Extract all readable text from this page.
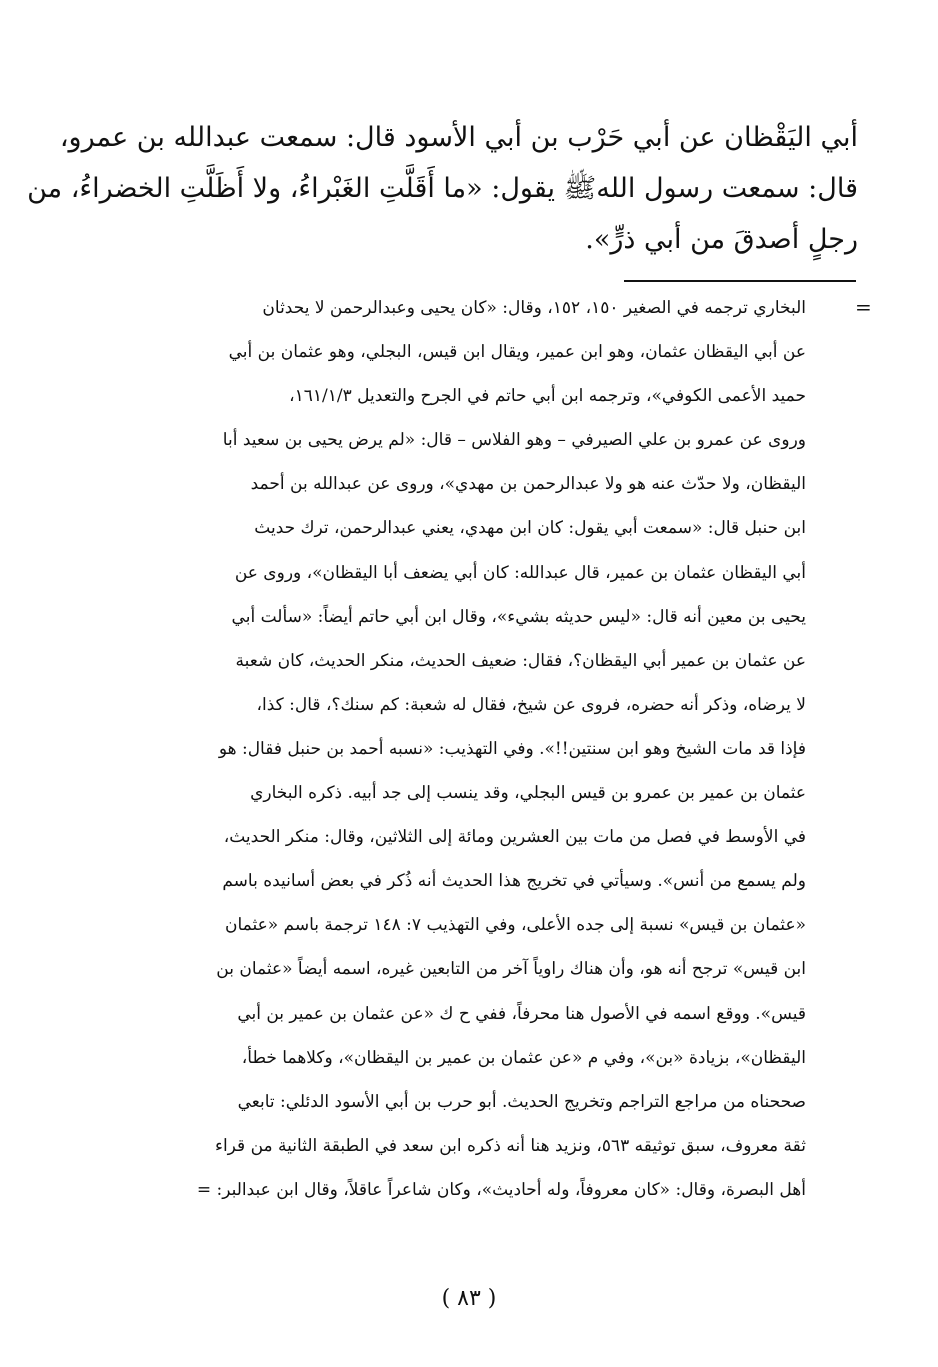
أبي اليَقْظان عن أبي حَرْب بن أبي الأسود قال: سمعت عبدالله بن عمرو،
قال: سمعت رسول اللهﷺ يقول: «ما أَقَلَّتِ الغَبْراءُ، ولا أَظَلَّتِ الخضراءُ، من
رجلٍ أصدقَ من أبي ذرٍّ».
=
البخاري ترجمه في الصغير ١٥٠، ١٥٢، وقال: «كان يحيى وعبدالرحمن لا يحدثان
عن أبي اليقظان عثمان، وهو ابن عمير، ويقال ابن قيس، البجلي، وهو عثمان بن أبي
حميد الأعمى الكوفي»، وترجمه ابن أبي حاتم في الجرح والتعديل ١٦١/١/٣،
وروى عن عمرو بن علي الصيرفي – وهو الفلاس – قال: «لم يرض يحيى بن سعيد أبا
اليقظان، ولا حدّث عنه هو ولا عبدالرحمن بن مهدي»، وروى عن عبدالله بن أحمد
ابن حنبل قال: «سمعت أبي يقول: كان ابن مهدي، يعني عبدالرحمن، ترك حديث
أبي اليقظان عثمان بن عمير، قال عبدالله: كان أبي يضعف أبا اليقظان»، وروى عن
يحيى بن معين أنه قال: «ليس حديثه بشيء»، وقال ابن أبي حاتم أيضاً: «سألت أبي
عن عثمان بن عمير أبي اليقظان؟، فقال: ضعيف الحديث، منكر الحديث، كان شعبة
لا يرضاه، وذكر أنه حضره، فروى عن شيخ، فقال له شعبة: كم سنك؟، قال: كذا،
فإذا قد مات الشيخ وهو ابن سنتين!!». وفي التهذيب: «نسبه أحمد بن حنبل فقال: هو
عثمان بن عمير بن عمرو بن قيس البجلي، وقد ينسب إلى جد أبيه. ذكره البخاري
في الأوسط في فصل من مات بين العشرين ومائة إلى الثلاثين، وقال: منكر الحديث،
ولم يسمع من أنس». وسيأتي في تخريج هذا الحديث أنه ذُكر في بعض أسانيده باسم
«عثمان بن قيس» نسبة إلى جده الأعلى، وفي التهذيب ٧: ١٤٨ ترجمة باسم «عثمان
ابن قيس» ترجح أنه هو، وأن هناك راوياً آخر من التابعين غيره، اسمه أيضاً «عثمان بن
قيس». ووقع اسمه في الأصول هنا محرفاً، ففي ح ك «عن عثمان بن عمير بن أبي
اليقظان»، بزيادة «بن»، وفي م «عن عثمان بن عمير بن اليقظان»، وكلاهما خطأ،
صححناه من مراجع التراجم وتخريج الحديث. أبو حرب بن أبي الأسود الدئلي: تابعي
ثقة معروف، سبق توثيقه ٥٦٣، ونزيد هنا أنه ذكره ابن سعد في الطبقة الثانية من قراء
أهل البصرة، وقال: «كان معروفاً، وله أحاديث»، وكان شاعراً عاقلاً، وقال ابن عبدالبر: =
( ٨٣ )
